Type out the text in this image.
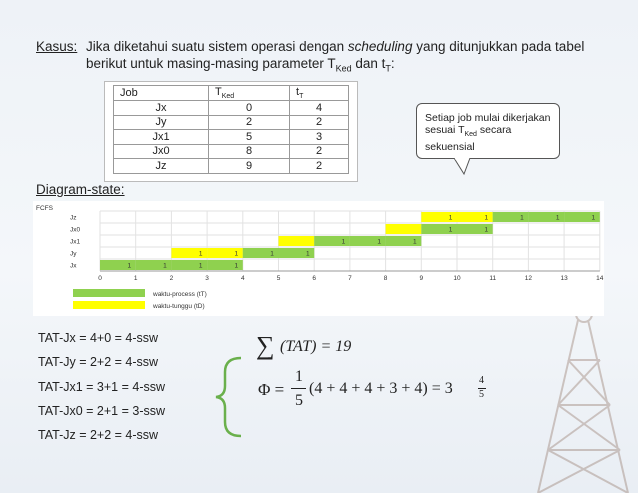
Kasus: Jika diketahui suatu sistem operasi dengan scheduling yang ditunjukkan pada tabel berikut untuk masing-masing parameter $T_{Ked}$ dan $t_T$:
Job	$T_{Ked}$	$t_T$
Jx	0	4
Jy	2	2
Jx1	5	3
Jx0	8	2
Jz	9	2
Setiap job mulai dikerjakan sesuai $T_{Ked}$ secara sekuensial
Diagram-state:
FCFS
Jz	1	1	1	1	1
Jx0	1	1
Jx1	1	1	1
Jy	1	1	1	1
Jx	1	1	1	1
0	1	2	3	4	5	6	7	8	9	10	11	12	13	14
waktu-process (tT)
waktu-tunggu (tD)
TAT-Jx = 4+0 = 4-ssw
TAT-Jy = 2+2 = 4-ssw
TAT-Jx1 = 3+1 = 4-ssw
TAT-Jx0 = 2+1 = 3-ssw
TAT-Jz = 2+2 = 4-ssw
∑ (TAT) = 19
Φ =
1
5
(4 + 4 + 4 + 3 + 4) = 3	4
5
